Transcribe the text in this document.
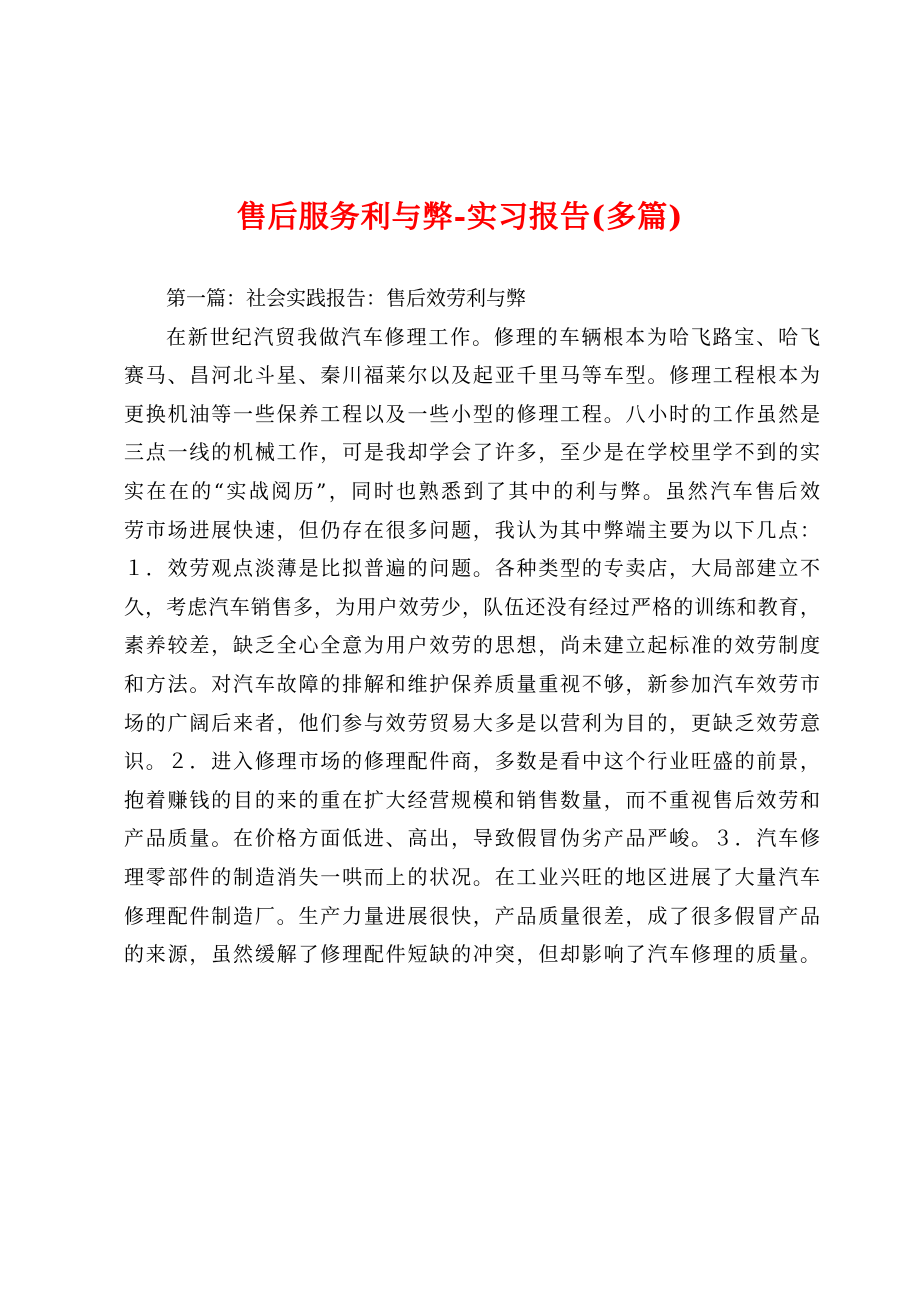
售后服务利与弊-实习报告(多篇)

第一篇：社会实践报告：售后效劳利与弊

在新世纪汽贸我做汽车修理工作。修理的车辆根本为哈飞路宝、哈飞

赛马、昌河北斗星、秦川福莱尔以及起亚千里马等车型。修理工程根本为

更换机油等一些保养工程以及一些小型的修理工程。八小时的工作虽然是

三点一线的机械工作，可是我却学会了许多，至少是在学校里学不到的实

实在在的“实战阅历”，同时也熟悉到了其中的利与弊。虽然汽车售后效

劳市场进展快速，但仍存在很多问题，我认为其中弊端主要为以下几点：

１．效劳观点淡薄是比拟普遍的问题。各种类型的专卖店，大局部建立不

久，考虑汽车销售多，为用户效劳少，队伍还没有经过严格的训练和教育，

素养较差，缺乏全心全意为用户效劳的思想，尚未建立起标准的效劳制度

和方法。对汽车故障的排解和维护保养质量重视不够，新参加汽车效劳市

场的广阔后来者，他们参与效劳贸易大多是以营利为目的，更缺乏效劳意

识。２．进入修理市场的修理配件商，多数是看中这个行业旺盛的前景，

抱着赚钱的目的来的重在扩大经营规模和销售数量，而不重视售后效劳和

产品质量。在价格方面低进、高出，导致假冒伪劣产品严峻。３．汽车修

理零部件的制造消失一哄而上的状况。在工业兴旺的地区进展了大量汽车

修理配件制造厂。生产力量进展很快，产品质量很差，成了很多假冒产品

的来源，虽然缓解了修理配件短缺的冲突，但却影响了汽车修理的质量。
